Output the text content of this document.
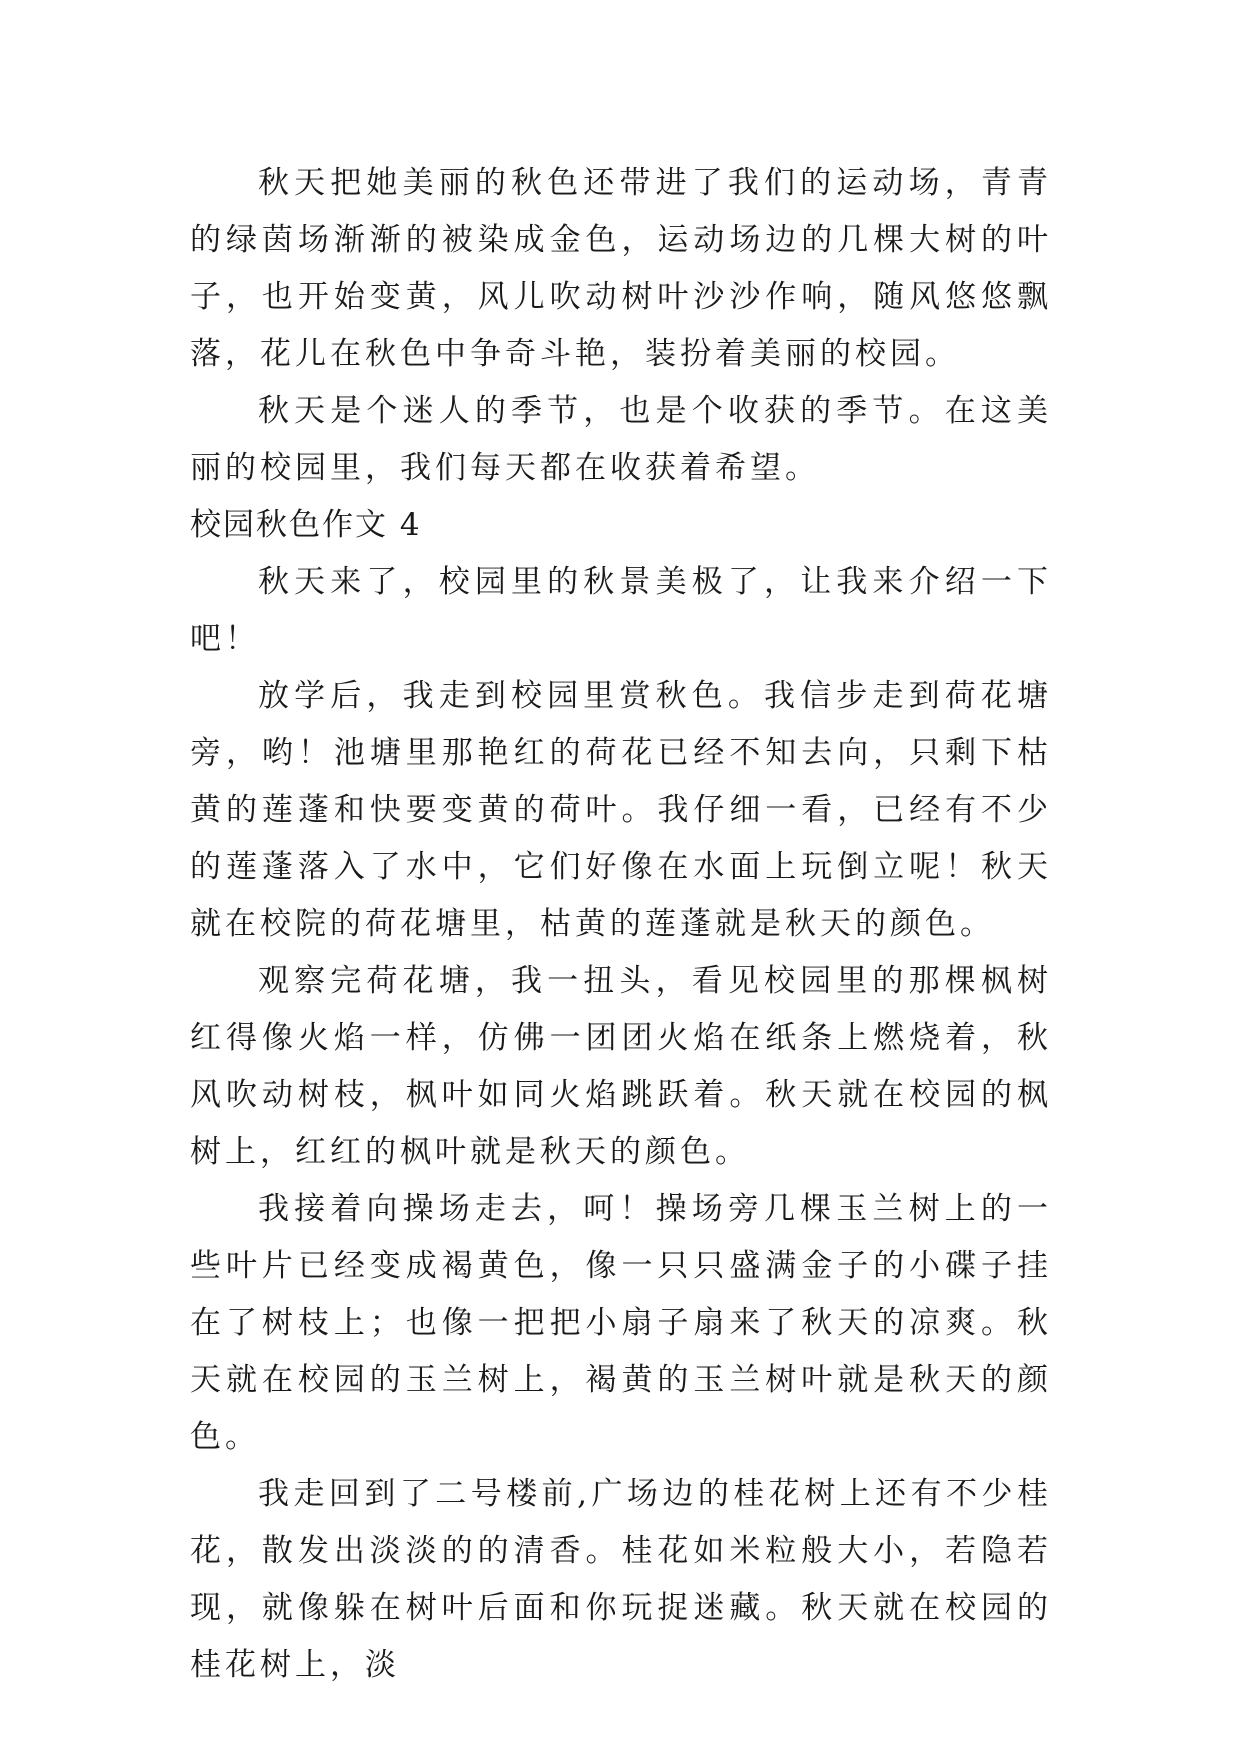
秋天把她美丽的秋色还带进了我们的运动场，青青的绿茵场渐渐的被染成金色，运动场边的几棵大树的叶子，也开始变黄，风儿吹动树叶沙沙作响，随风悠悠飘落，花儿在秋色中争奇斗艳，装扮着美丽的校园。

秋天是个迷人的季节，也是个收获的季节。在这美丽的校园里，我们每天都在收获着希望。

校园秋色作文 4

秋天来了，校园里的秋景美极了，让我来介绍一下吧！

放学后，我走到校园里赏秋色。我信步走到荷花塘旁，哟！池塘里那艳红的荷花已经不知去向，只剩下枯黄的莲蓬和快要变黄的荷叶。我仔细一看，已经有不少的莲蓬落入了水中，它们好像在水面上玩倒立呢！秋天就在校院的荷花塘里，枯黄的莲蓬就是秋天的颜色。

观察完荷花塘，我一扭头，看见校园里的那棵枫树红得像火焰一样，仿佛一团团火焰在纸条上燃烧着，秋风吹动树枝，枫叶如同火焰跳跃着。秋天就在校园的枫树上，红红的枫叶就是秋天的颜色。

我接着向操场走去，呵！操场旁几棵玉兰树上的一些叶片已经变成褐黄色，像一只只盛满金子的小碟子挂在了树枝上；也像一把把小扇子扇来了秋天的凉爽。秋天就在校园的玉兰树上，褐黄的玉兰树叶就是秋天的颜色。

我走回到了二号楼前,广场边的桂花树上还有不少桂花，散发出淡淡的的清香。桂花如米粒般大小，若隐若现，就像躲在树叶后面和你玩捉迷藏。秋天就在校园的桂花树上，淡
